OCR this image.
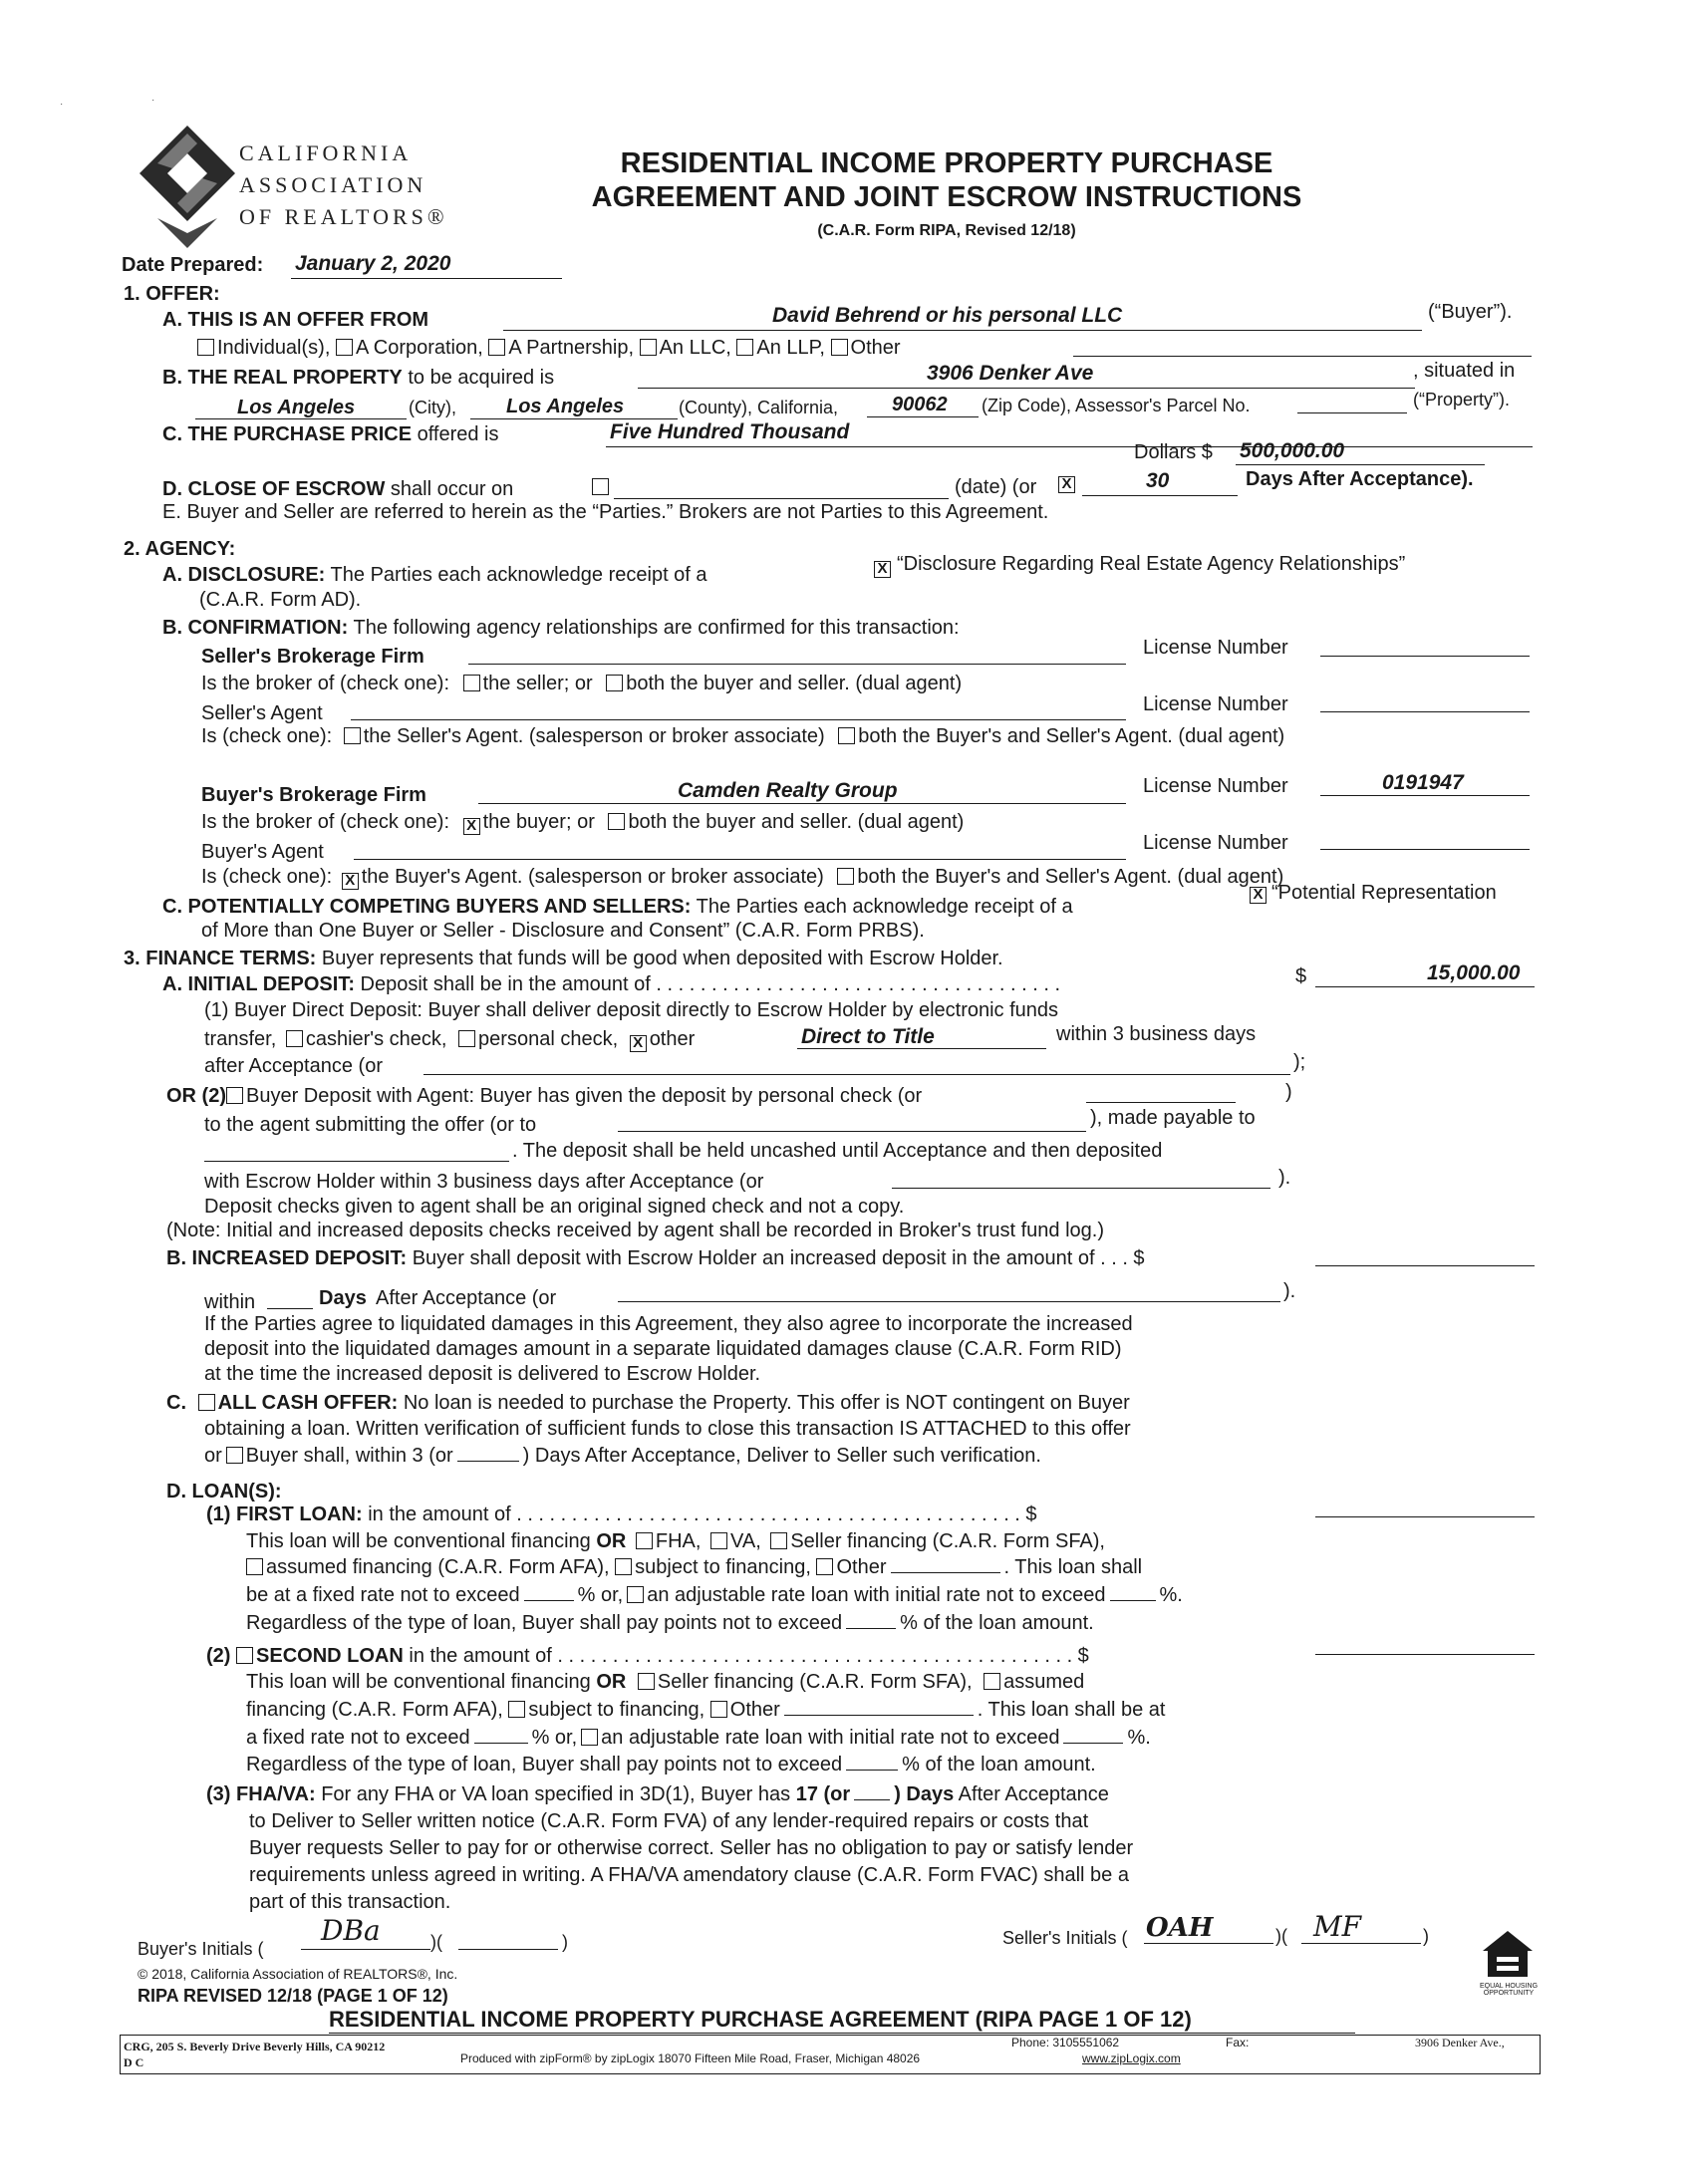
CALIFORNIA
ASSOCIATION
OF REALTORS®
RESIDENTIAL INCOME PROPERTY PURCHASE
AGREEMENT AND JOINT ESCROW INSTRUCTIONS
(C.A.R. Form RIPA, Revised 12/18)
Date Prepared: January 2, 2020
1. OFFER:
A. THIS IS AN OFFER FROM	David Behrend or his personal LLC	(“Buyer”).
Individual(s), A Corporation, A Partnership, An LLC, An LLP, Other
B. THE REAL PROPERTY to be acquired is	3906 Denker Ave	, situated in
Los Angeles	(City),	Los Angeles	(County), California,	90062 (Zip Code), Assessor's Parcel No.	(“Property”).
C. THE PURCHASE PRICE offered is	Five Hundred Thousand
Dollars $ 500,000.00
D. CLOSE OF ESCROW shall occur on	(date) (or X	30	Days After Acceptance).
E. Buyer and Seller are referred to herein as the “Parties.” Brokers are not Parties to this Agreement.
2. AGENCY:
A. DISCLOSURE: The Parties each acknowledge receipt of a	X “Disclosure Regarding Real Estate Agency Relationships”
(C.A.R. Form AD).
B. CONFIRMATION: The following agency relationships are confirmed for this transaction:
Seller's Brokerage Firm	License Number
Is the broker of (check one): the seller; or both the buyer and seller. (dual agent)
Seller's Agent	License Number
Is (check one): the Seller's Agent. (salesperson or broker associate) both the Buyer's and Seller's Agent. (dual agent)
Buyer's Brokerage Firm	Camden Realty Group	License Number	0191947
Is the broker of (check one): X the buyer; or both the buyer and seller. (dual agent)
Buyer's Agent	License Number
Is (check one): X the Buyer's Agent. (salesperson or broker associate) both the Buyer's and Seller's Agent. (dual agent)
C. POTENTIALLY COMPETING BUYERS AND SELLERS: The Parties each acknowledge receipt of a
X “Potential Representation
of More than One Buyer or Seller - Disclosure and Consent” (C.A.R. Form PRBS).
3. FINANCE TERMS: Buyer represents that funds will be good when deposited with Escrow Holder.
A. INITIAL DEPOSIT: Deposit shall be in the amount of . . . . . . . . . . . . . . . . . . . . . . . . . . . . . . . . . . . . .	$	15,000.00
(1) Buyer Direct Deposit: Buyer shall deliver deposit directly to Escrow Holder by electronic funds
transfer, cashier's check, personal check, X other	Direct to Title	within 3 business days
after Acceptance (or	);
OR (2) Buyer Deposit with Agent: Buyer has given the deposit by personal check (or	)
to the agent submitting the offer (or to	), made payable to
. The deposit shall be held uncashed until Acceptance and then deposited
with Escrow Holder within 3 business days after Acceptance (or	).
Deposit checks given to agent shall be an original signed check and not a copy.
(Note: Initial and increased deposits checks received by agent shall be recorded in Broker's trust fund log.)
B. INCREASED DEPOSIT: Buyer shall deposit with Escrow Holder an increased deposit in the amount of . . . $
within	Days After Acceptance (or	).
If the Parties agree to liquidated damages in this Agreement, they also agree to incorporate the increased
deposit into the liquidated damages amount in a separate liquidated damages clause (C.A.R. Form RID)
at the time the increased deposit is delivered to Escrow Holder.
C. ALL CASH OFFER: No loan is needed to purchase the Property. This offer is NOT contingent on Buyer
obtaining a loan. Written verification of sufficient funds to close this transaction IS ATTACHED to this offer
or Buyer shall, within 3 (or	) Days After Acceptance, Deliver to Seller such verification.
D. LOAN(S):
(1) FIRST LOAN: in the amount of . . . . . . . . . . . . . . . . . . . . . . . . . . . . . . . . . . . . . . . . . . . . . . $
This loan will be conventional financing OR FHA, VA, Seller financing (C.A.R. Form SFA),
assumed financing (C.A.R. Form AFA), subject to financing, Other	. This loan shall
be at a fixed rate not to exceed	% or, an adjustable rate loan with initial rate not to exceed	%.
Regardless of the type of loan, Buyer shall pay points not to exceed	% of the loan amount.
(2) SECOND LOAN in the amount of . . . . . . . . . . . . . . . . . . . . . . . . . . . . . . . . . . . . . . . . . . . . . . . $
This loan will be conventional financing OR Seller financing (C.A.R. Form SFA), assumed
financing (C.A.R. Form AFA), subject to financing, Other	. This loan shall be at
a fixed rate not to exceed	% or, an adjustable rate loan with initial rate not to exceed	%.
Regardless of the type of loan, Buyer shall pay points not to exceed	% of the loan amount.
(3) FHA/VA: For any FHA or VA loan specified in 3D(1), Buyer has 17 (or ) Days After Acceptance
to Deliver to Seller written notice (C.A.R. Form FVA) of any lender-required repairs or costs that
Buyer requests Seller to pay for or otherwise correct. Seller has no obligation to pay or satisfy lender
requirements unless agreed in writing. A FHA/VA amendatory clause (C.A.R. Form FVAC) shall be a
part of this transaction.
Buyer's Initials (
DBa	)(	)	Seller's Initials ( OAH	)( MF	)
© 2018, California Association of REALTORS®, Inc.
RIPA REVISED 12/18 (PAGE 1 OF 12)
RESIDENTIAL INCOME PROPERTY PURCHASE AGREEMENT (RIPA PAGE 1 OF 12)
EQUAL HOUSING OPPORTUNITY
CRG, 205 S. Beverly Drive Beverly Hills, CA 90212
D C
Phone: 3105551062	Fax:	3906 Denker Ave.,
Produced with zipForm® by zipLogix 18070 Fifteen Mile Road, Fraser, Michigan 48026	www.zipLogix.com
·	·
